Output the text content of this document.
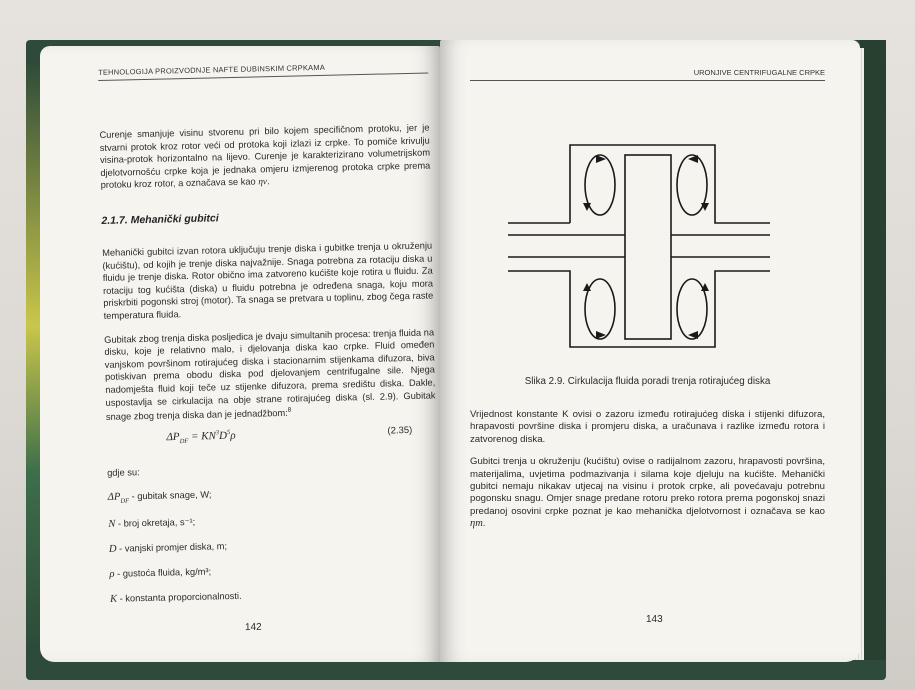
TEHNOLOGIJA PROIZVODNJE NAFTE DUBINSKIM CRPKAMA

Curenje smanjuje visinu stvorenu pri bilo kojem specifičnom protoku, jer je stvarni protok kroz rotor veći od protoka koji izlazi iz crpke. To pomiče krivulju visina-protok horizontalno na lijevo. Curenje je karakterizirano volumetrijskom djelotvornošću crpke koja je jednaka omjeru izmjerenog protoka crpke prema protoku kroz rotor, a označava se kao ηv.

2.1.7. Mehanički gubitci

Mehanički gubitci izvan rotora uključuju trenje diska i gubitke trenja u okruženju (kućištu), od kojih je trenje diska najvažnije. Snaga potrebna za rotaciju diska u fluidu je trenje diska. Rotor obično ima zatvoreno kućište koje rotira u fluidu. Za rotaciju tog kućišta (diska) u fluidu potrebna je određena snaga, koju mora priskrbiti pogonski stroj (motor). Ta snaga se pretvara u toplinu, zbog čega raste temperatura fluida.

Gubitak zbog trenja diska posljedica je dvaju simultanih procesa: trenja fluida na disku, koje je relativno malo, i djelovanja diska kao crpke. Fluid omeđen vanjskom površinom rotirajućeg diska i stacionarnim stijenkama difuzora, biva potiskivan prema obodu diska pod djelovanjem centrifugalne sile. Njega nadomješta fluid koji teče uz stijenke difuzora, prema središtu diska. Dakle, uspostavlja se cirkulacija na obje strane rotirajućeg diska (sl. 2.9). Gubitak snage zbog trenja diska dan je jednadžbom:$^8$

$\Delta P_{DF} = KN^3D^5\rho$	(2.35)
gdje su:
$\Delta P_{DF}$ - gubitak snage, W;
N - broj okretaja, s⁻¹;
D - vanjski promjer diska, m;
ρ - gustoća fluida, kg/m³;
K - konstanta proporcionalnosti.
142
URONJIVE CENTRIFUGALNE CRPKE
Slika 2.9. Cirkulacija fluida poradi trenja rotirajućeg diska

Vrijednost konstante K ovisi o zazoru između rotirajućeg diska i stijenki difuzora, hrapavosti površine diska i promjeru diska, a uračunava i razlike između rotora i zatvorenog diska.

Gubitci trenja u okruženju (kućištu) ovise o radijalnom zazoru, hrapavosti površina, materijalima, uvjetima podmazivanja i silama koje djeluju na kućište. Mehanički gubitci nemaju nikakav utjecaj na visinu i protok crpke, ali povećavaju potrebnu pogonsku snagu. Omjer snage predane rotoru preko rotora prema pogonskoj snazi predanoj osovini crpke poznat je kao mehanička djelotvornost i označava se kao ηm.

143
